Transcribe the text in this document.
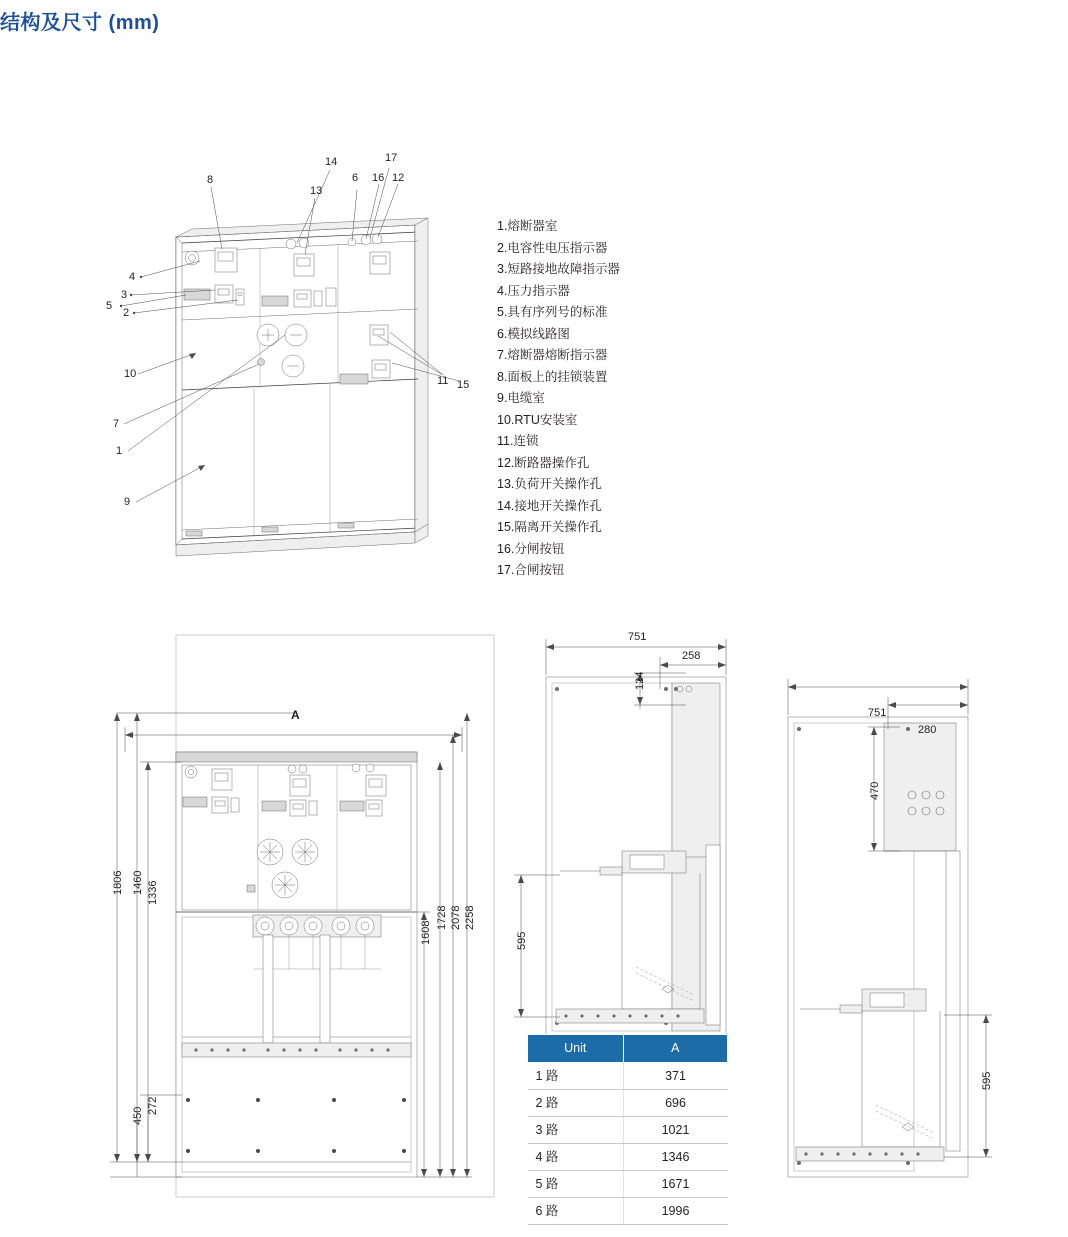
结构及尺寸 (mm)
8
14
13
17
6 16 12
4
5
3
2
10
7
1
9
11 15
1.熔断器室
2.电容性电压指示器
3.短路接地故障指示器
4.压力指示器
5.具有序列号的标准
6.模拟线路图
7.熔断器熔断指示器
8.面板上的挂锁装置
9.电缆室
10.RTU安装室
11.连锁
12.断路器操作孔
13.负荷开关操作孔
14.接地开关操作孔
15.隔离开关操作孔
16.分闸按钮
17.合闸按钮
1806 1460 1336
272
450
A
1608
1728 2078 2258
751
258
124
595
751
280
470
595
Unit	A
1 路	371
2 路	696
3 路	1021
4 路	1346
5 路	1671
6 路	1996
